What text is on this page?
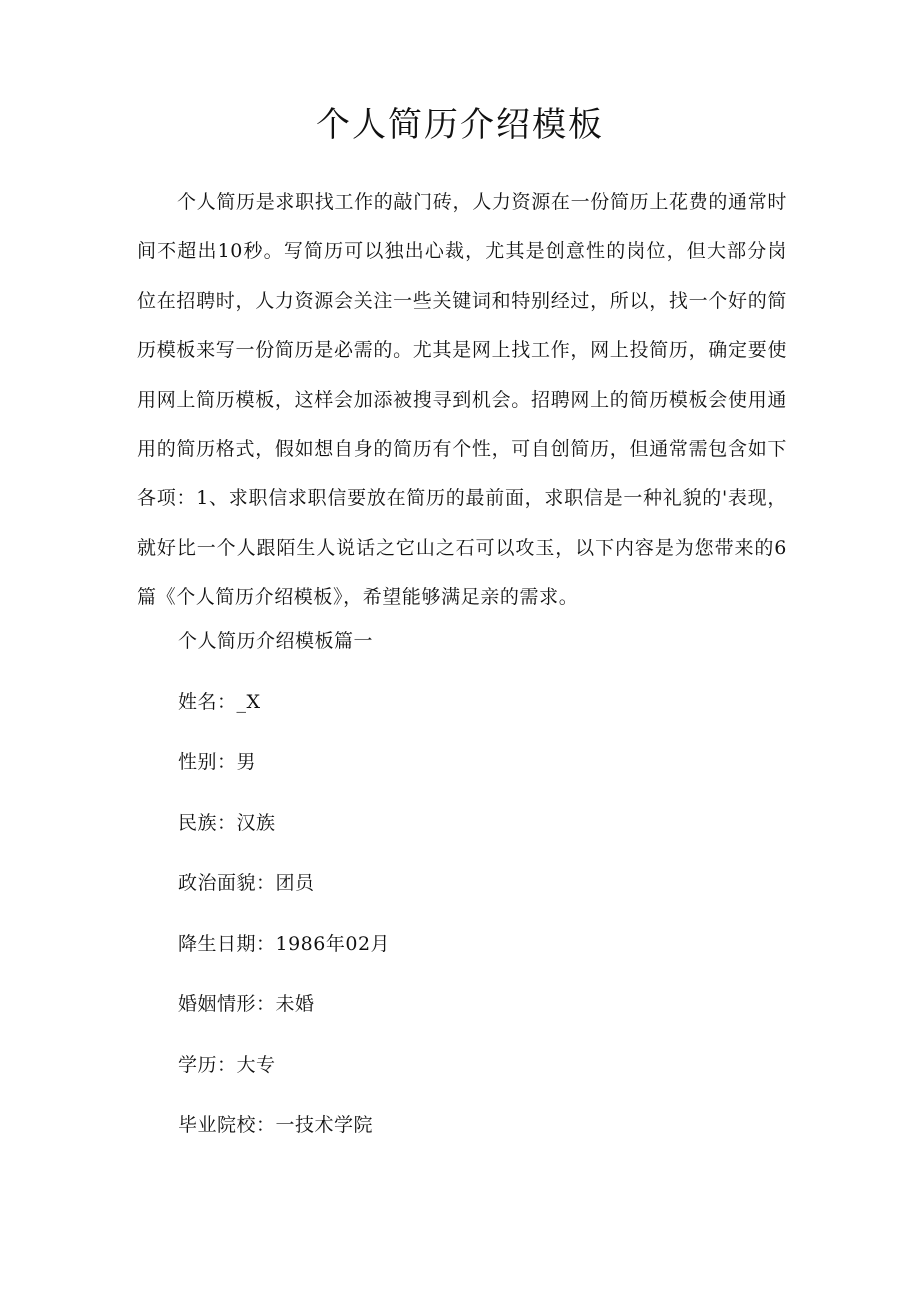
个人简历介绍模板

个人简历是求职找工作的敲门砖，人力资源在一份简历上花费的通常时间不超出10秒。写简历可以独出心裁，尤其是创意性的岗位，但大部分岗位在招聘时，人力资源会关注一些关键词和特别经过，所以，找一个好的简历模板来写一份简历是必需的。尤其是网上找工作，网上投简历，确定要使用网上简历模板，这样会加添被搜寻到机会。招聘网上的简历模板会使用通用的简历格式，假如想自身的简历有个性，可自创简历，但通常需包含如下各项：1、求职信求职信要放在简历的最前面，求职信是一种礼貌的'表现，就好比一个人跟陌生人说话之它山之石可以攻玉，以下内容是为您带来的6篇《个人简历介绍模板》，希望能够满足亲的需求。

个人简历介绍模板篇一
姓名：_X
性别：男
民族：汉族
政治面貌：团员
降生日期：1986年02月
婚姻情形：未婚
学历：大专
毕业院校：一技术学院
